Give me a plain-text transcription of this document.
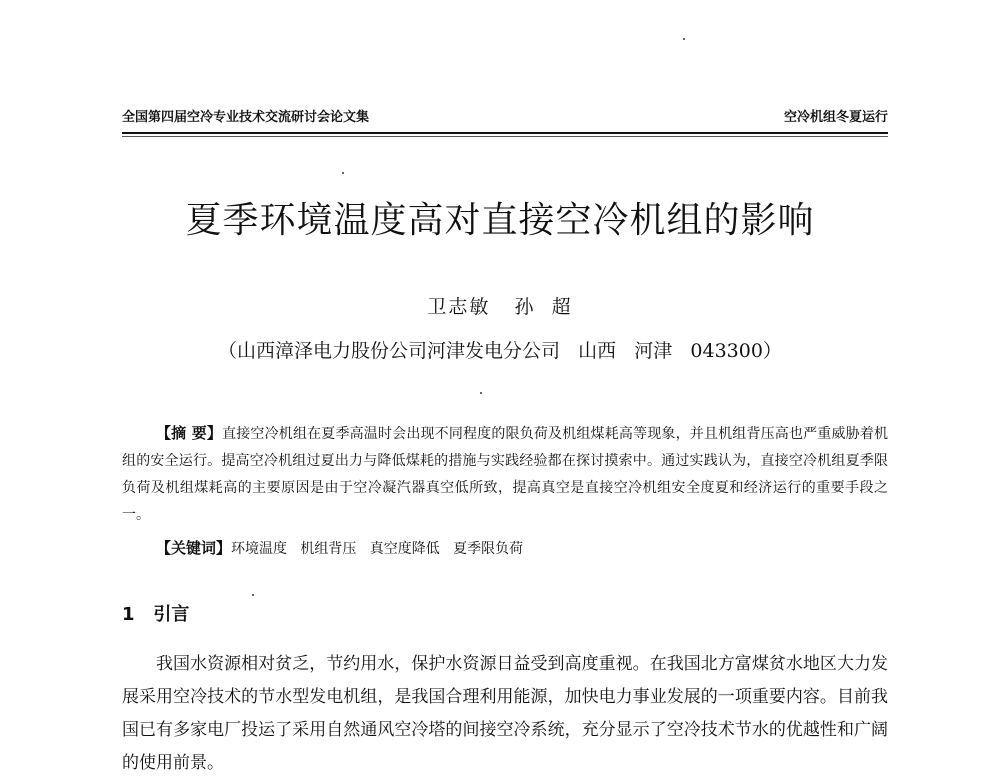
全国第四届空冷专业技术交流研讨会论文集	空冷机组冬夏运行
夏季环境温度高对直接空冷机组的影响
卫志敏   孙  超
（山西漳泽电力股份公司河津发电分公司   山西   河津   043300）
【摘 要】直接空冷机组在夏季高温时会出现不同程度的限负荷及机组煤耗高等现象，并且机组背压高也严重威胁着机组的安全运行。提高空冷机组过夏出力与降低煤耗的措施与实践经验都在探讨摸索中。通过实践认为，直接空冷机组夏季限负荷及机组煤耗高的主要原因是由于空冷凝汽器真空低所致，提高真空是直接空冷机组安全度夏和经济运行的重要手段之一。
【关键词】环境温度   机组背压   真空度降低   夏季限负荷
1   引言
我国水资源相对贫乏，节约用水，保护水资源日益受到高度重视。在我国北方富煤贫水地区大力发展采用空冷技术的节水型发电机组，是我国合理利用能源，加快电力事业发展的一项重要内容。目前我国已有多家电厂投运了采用自然通风空冷塔的间接空冷系统，充分显示了空冷技术节水的优越性和广阔的使用前景。
